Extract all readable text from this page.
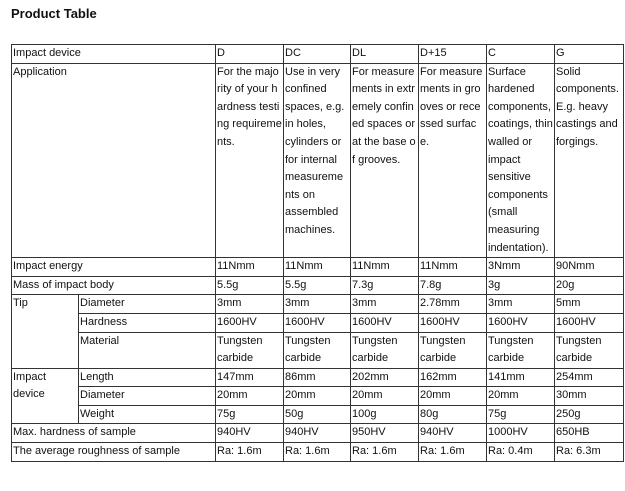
Product Table
Impact device		D	DC	DL	D+15	C	G
Application		For the majority of your hardness testing requirements.	Use in very confined spaces, e.g. in holes, cylinders or for internal measurements on assembled machines.	For measurements in extremely confined spaces or at the base of grooves.	For measurements in grooves or recessed surface.	Surface hardened components, coatings, thin walled or impact sensitive components (small measuring indentation).	Solid components. E.g. heavy castings and forgings.
Impact energy		11Nmm	11Nmm	11Nmm	11Nmm	3Nmm	90Nmm
Mass of impact body		5.5g	5.5g	7.3g	7.8g	3g	20g
Tip	Diameter	3mm	3mm	3mm	2.78mm	3mm	5mm
	Hardness	1600HV	1600HV	1600HV	1600HV	1600HV	1600HV
	Material	Tungsten carbide	Tungsten carbide	Tungsten carbide	Tungsten carbide	Tungsten carbide	Tungsten carbide
Impact device	Length	147mm	86mm	202mm	162mm	141mm	254mm
	Diameter	20mm	20mm	20mm	20mm	20mm	30mm
	Weight	75g	50g	100g	80g	75g	250g
Max. hardness of sample		940HV	940HV	950HV	940HV	1000HV	650HB
The average roughness of sample		Ra: 1.6m	Ra: 1.6m	Ra: 1.6m	Ra: 1.6m	Ra: 0.4m	Ra: 6.3m
